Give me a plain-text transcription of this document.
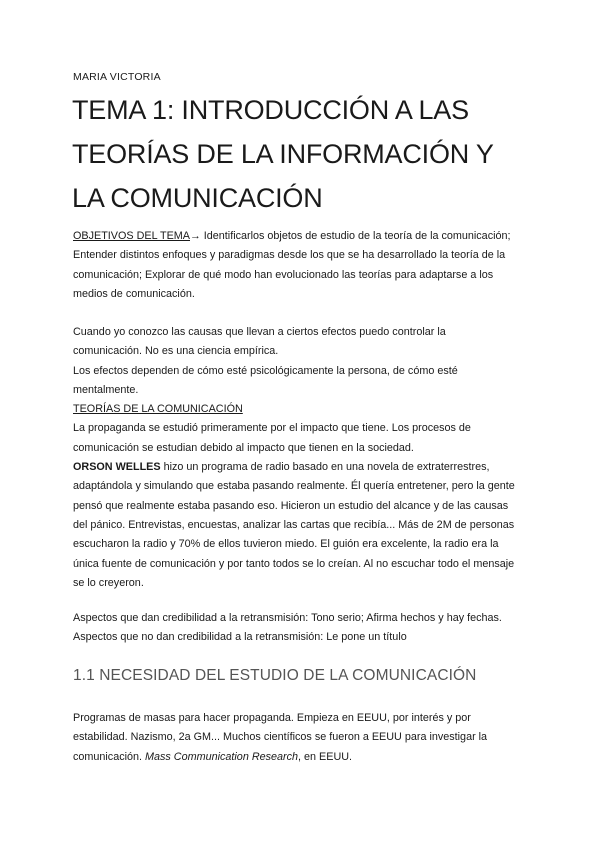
MARIA VICTORIA
TEMA 1: INTRODUCCIÓN A LAS
TEORÍAS DE LA INFORMACIÓN Y
LA COMUNICACIÓN
OBJETIVOS DEL TEMA→ Identificarlos objetos de estudio de la teoría de la comunicación;
Entender distintos enfoques y paradigmas desde los que se ha desarrollado la teoría de la
comunicación; Explorar de qué modo han evolucionado las teorías para adaptarse a los
medios de comunicación.
Cuando yo conozco las causas que llevan a ciertos efectos puedo controlar la
comunicación. No es una ciencia empírica.
Los efectos dependen de cómo esté psicológicamente la persona, de cómo esté
mentalmente.
TEORÍAS DE LA COMUNICACIÓN
La propaganda se estudió primeramente por el impacto que tiene. Los procesos de
comunicación se estudian debido al impacto que tienen en la sociedad.
ORSON WELLES hizo un programa de radio basado en una novela de extraterrestres,
adaptándola y simulando que estaba pasando realmente. Él quería entretener, pero la gente
pensó que realmente estaba pasando eso. Hicieron un estudio del alcance y de las causas
del pánico. Entrevistas, encuestas, analizar las cartas que recibía... Más de 2M de personas
escucharon la radio y 70% de ellos tuvieron miedo. El guión era excelente, la radio era la
única fuente de comunicación y por tanto todos se lo creían. Al no escuchar todo el mensaje
se lo creyeron.
Aspectos que dan credibilidad a la retransmisión: Tono serio; Afirma hechos y hay fechas.
Aspectos que no dan credibilidad a la retransmisión: Le pone un título
1.1 NECESIDAD DEL ESTUDIO DE LA COMUNICACIÓN
Programas de masas para hacer propaganda. Empieza en EEUU, por interés y por
estabilidad. Nazismo, 2a GM... Muchos científicos se fueron a EEUU para investigar la
comunicación. Mass Communication Research, en EEUU.
